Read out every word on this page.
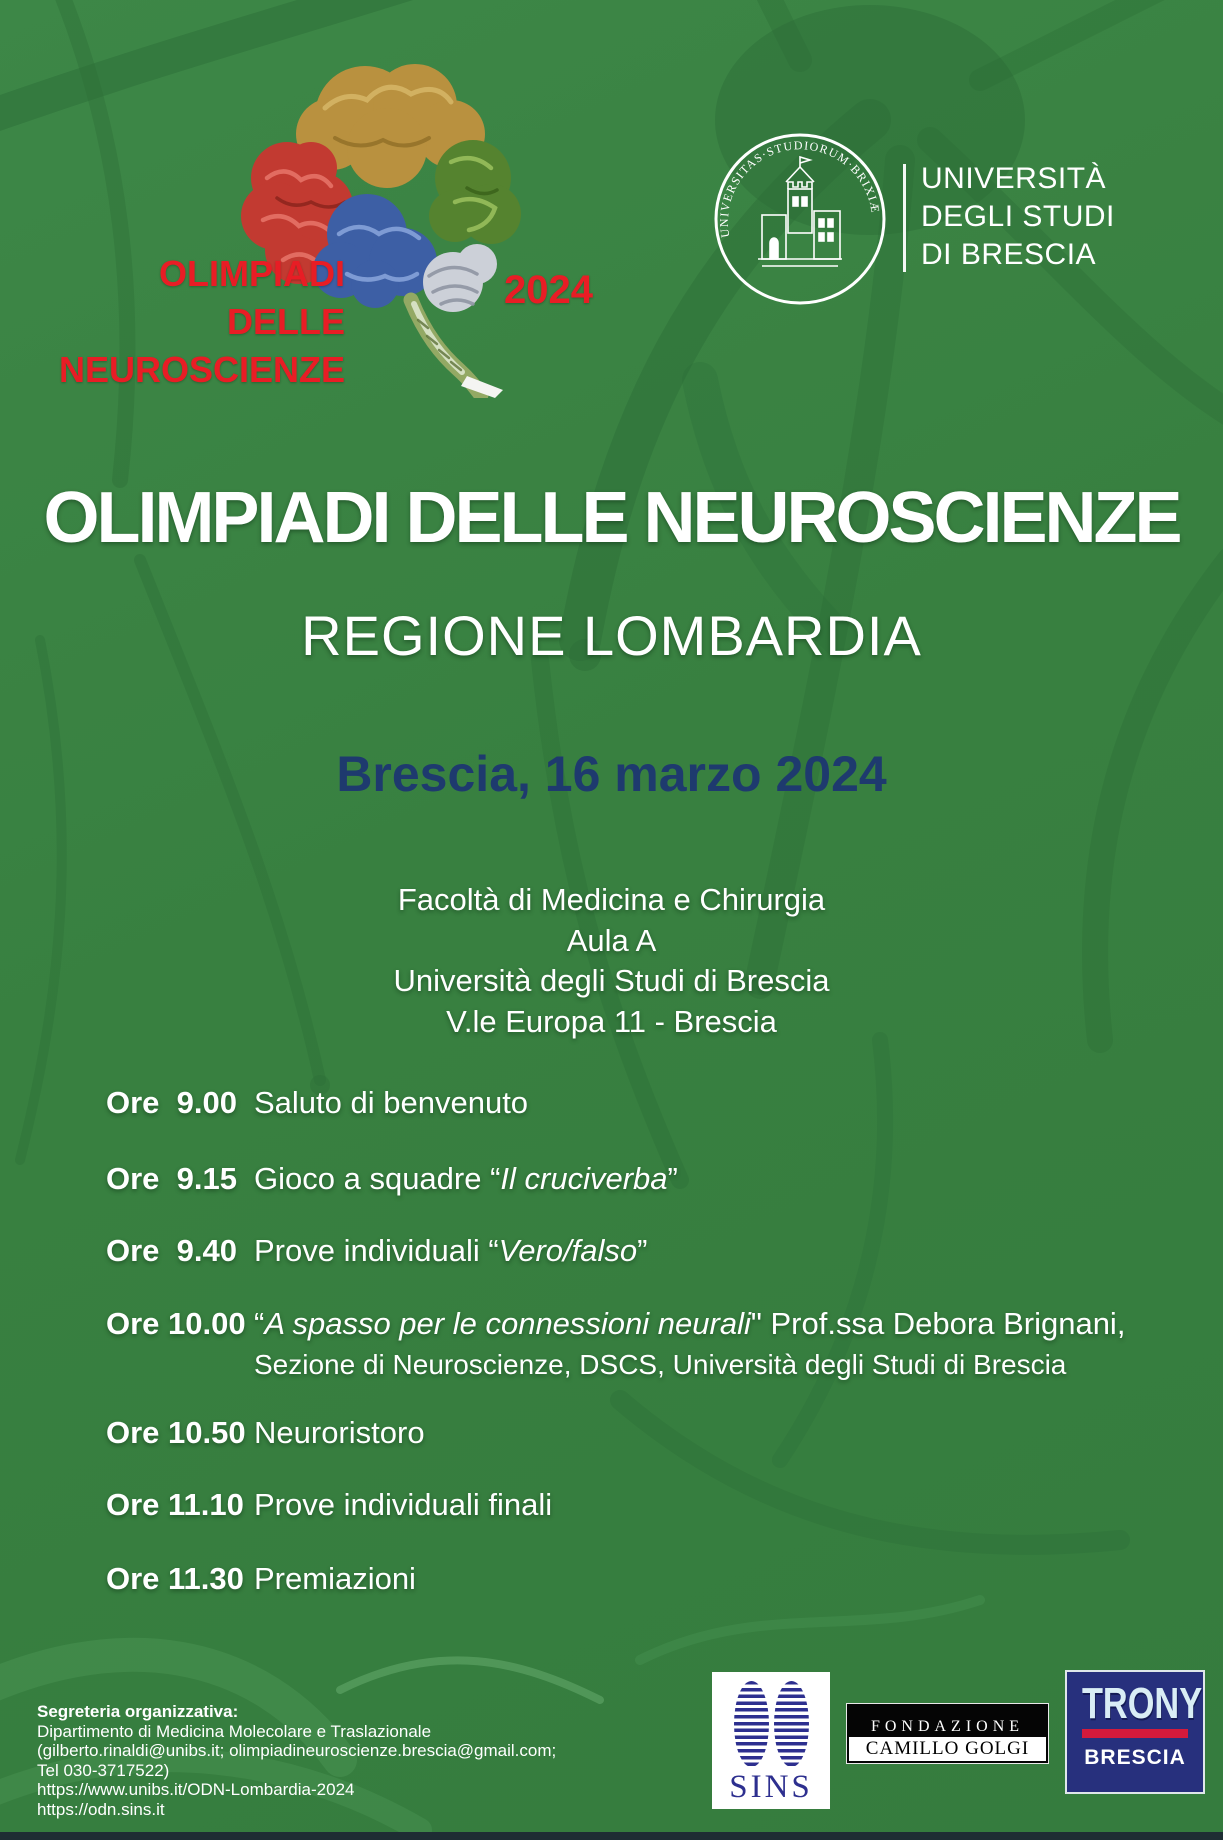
OLIMPIADI
DELLE
NEUROSCIENZE
2024
UNIVERSITAS·STUDIORUM·BRIXIÆ
UNIVERSITÀ
DEGLI STUDI
DI BRESCIA
OLIMPIADI DELLE NEUROSCIENZE
REGIONE LOMBARDIA
Brescia, 16 marzo 2024
Facoltà di Medicina e Chirurgia
Aula A
Università degli Studi di Brescia
V.le Europa 11 - Brescia
Ore  9.00 Saluto di benvenuto
Ore  9.15 Gioco a squadre “Il cruciverba”
Ore  9.40 Prove individuali “Vero/falso”
Ore 10.00 “A spasso per le connessioni neurali" Prof.ssa Debora Brignani,
Sezione di Neuroscienze, DSCS, Università degli Studi di Brescia
Ore 10.50 Neuroristoro
Ore 11.10 Prove individuali finali
Ore 11.30 Premiazioni
Segreteria organizzativa:
Dipartimento di Medicina Molecolare e Traslazionale
(gilberto.rinaldi@unibs.it; olimpiadineuroscienze.brescia@gmail.com;
Tel 030-3717522)
https://www.unibs.it/ODN-Lombardia-2024
https://odn.sins.it
SINS
FONDAZIONE
CAMILLO GOLGI
TRONY
BRESCIA
